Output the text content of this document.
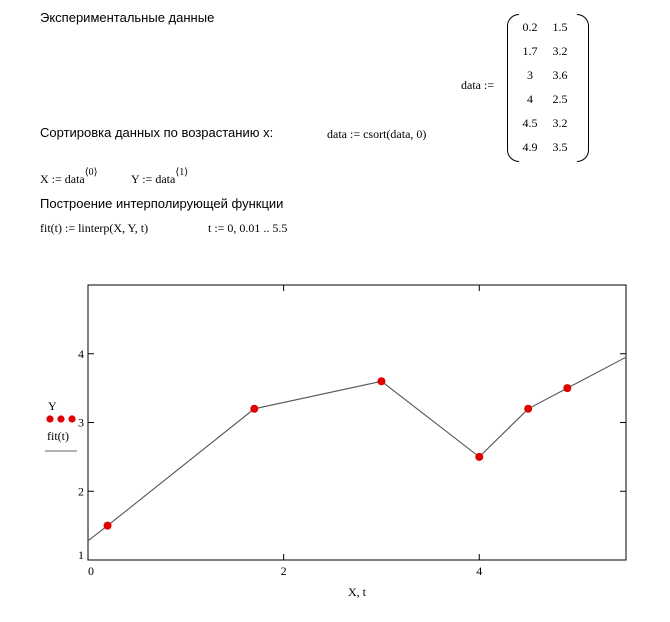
Экспериментальные данные
data :=
0.2 1.5
1.7 3.2
3	3.6
4	2.5
4.5 3.2
4.9 3.5
Сортировка данных по возрастанию x:	data := csort(data, 0)
X := data$^{⟨0⟩}$	Y := data$^{⟨1⟩}$
Построение интерполирующей функции
fit(t) := linterp(X, Y, t)	t := 0, 0.01 .. 5.5
0	2	4
1
2
3
4
X, t
Y
fit(t)
